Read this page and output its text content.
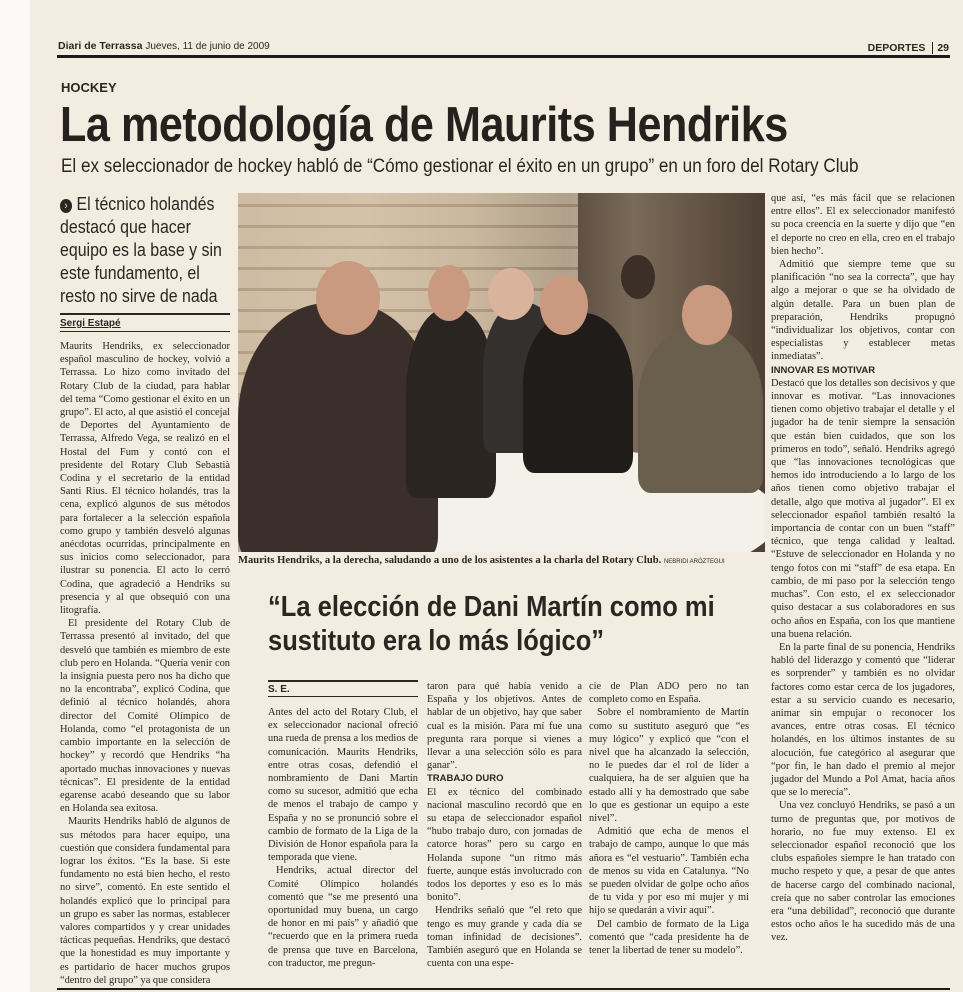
Diari de Terrassa Jueves, 11 de junio de 2009	DEPORTES 29
HOCKEY
La metodología de Maurits Hendriks
El ex seleccionador de hockey habló de “Cómo gestionar el éxito en un grupo” en un foro del Rotary Club
› El técnico holandés destacó que hacer equipo es la base y sin este fundamento, el resto no sirve de nada
Sergi Estapé

Maurits Hendriks, ex seleccionador español masculino de hockey, volvió a Terrassa. Lo hizo como invitado del Rotary Club de la ciudad, para hablar del tema “Como gestionar el éxito en un grupo”. El acto, al que asistió el concejal de Deportes del Ayuntamiento de Terrassa, Alfredo Vega, se realizó en el Hostal del Fum y contó con el presidente del Rotary Club Sebastià Codina y el secretario de la entidad Santi Rius. El técnico holandés, tras la cena, explicó algunos de sus métodos para fortalecer a la selección española como grupo y también desveló algunas anécdotas ocurridas, principalmente en sus inicios como seleccionador, para ilustrar su ponencia. El acto lo cerró Codina, que agradeció a Hendriks su presencia y al que obsequió con una litografía.

El presidente del Rotary Club de Terrassa presentó al invitado, del que desveló que también es miembro de este club pero en Holanda. “Quería venir con la insignia puesta pero nos ha dicho que no la encontraba”, explicó Codina, que definió al técnico holandés, ahora director del Comité Olímpico de Holanda, como “el protagonista de un cambio importante en la selección de hockey” y recordó que Hendriks “ha aportado muchas innovaciones y nuevas técnicas”. El presidente de la entidad egarense acabó deseando que su labor en Holanda sea exitosa.

Maurits Hendriks habló de algunos de sus métodos para hacer equipo, una cuestión que considera fundamental para lograr los éxitos. “Es la base. Si este fundamento no está bien hecho, el resto no sirve”, comentó. En este sentido el holandés explicó que lo principal para un grupo es saber las normas, establecer valores compartidos y y crear unidades tácticas pequeñas. Hendriks, que destacó que la honestidad es muy importante y es partidario de hacer muchos grupos “dentro del grupo” ya que considera

Maurits Hendriks, a la derecha, saludando a uno de los asistentes a la charla del Rotary Club. NEBRIDI ARÓZTEGUI
“La elección de Dani Martín como mi sustituto era lo más lógico”
S. E.

Antes del acto del Rotary Club, el ex seleccionador nacional ofreció una rueda de prensa a los medios de comunicación. Maurits Hendriks, entre otras cosas, defendió el nombramiento de Dani Martín como su sucesor, admitió que echa de menos el trabajo de campo y España y no se pronunció sobre el cambio de formato de la Liga de la División de Honor española para la temporada que viene.

Hendriks, actual director del Comité Olímpico holandés comentó que “se me presentó una oportunidad muy buena, un cargo de honor en mi país” y añadió que “recuerdo que en la primera rueda de prensa que tuve en Barcelona, con traductor, me pregun-

taron para qué había venido a España y los objetivos. Antes de hablar de un objetivo, hay que saber cual es la misión. Para mí fue una pregunta rara porque si vienes a llevar a una selección sólo es para ganar”.

TRABAJO DURO

El ex técnico del combinado nacional masculino recordó que en su etapa de seleccionador español “hubo trabajo duro, con jornadas de catorce horas” pero su cargo en Holanda supone “un ritmo más fuerte, aunque estás involucrado con todos los deportes y eso es lo más bonito”.

Hendriks señaló que “el reto que tengo es muy grande y cada día se toman infinidad de decisiones”. También aseguró que en Holanda se cuenta con una espe-

cie de Plan ADO pero no tan completo como en España.

Sobre el nombramiento de Martín como su sustituto aseguró que “es muy lógico” y explicó que “con el nivel que ha alcanzado la selección, no le puedes dar el rol de líder a cualquiera, ha de ser alguien que ha estado allí y ha demostrado que sabe lo que es gestionar un equipo a este nivel”.

Admitió que echa de menos el trabajo de campo, aunque lo que más añora es “el vestuario”. También echa de menos su vida en Catalunya. “No se pueden olvidar de golpe ocho años de tu vida y por eso mi mujer y mi hijo se quedarán a vivir aquí”.

Del cambio de formato de la Liga comentó que “cada presidente ha de tener la libertad de tener su modelo”.

que así, “es más fácil que se relacionen entre ellos”. El ex seleccionador manifestó su poca creencia en la suerte y dijo que “en el deporte no creo en ella, creo en el trabajo bien hecho”.

Admitió que siempre teme que su planificación “no sea la correcta”, que hay algo a mejorar o que se ha olvidado de algún detalle. Para un buen plan de preparación, Hendriks propugnó “individualizar los objetivos, contar con especialistas y establecer metas inmediatas”.

INNOVAR ES MOTIVAR

Destacó que los detalles son decisivos y que innovar es motivar. “Las innovaciones tienen como objetivo trabajar el detalle y el jugador ha de tenir siempre la sensación que están bien cuidados, que son los primeros en todo”, señaló. Hendriks agregó que “las innovaciones tecnológicas que hemos ido introduciendo a lo largo de los años tienen como objetivo trabajar el detalle, algo que motiva al jugador”. El ex seleccionador español también resaltó la importancia de contar con un buen “staff” técnico, que tenga calidad y lealtad. “Estuve de seleccionador en Holanda y no tengo fotos con mi “staff” de esa etapa. En cambio, de mi paso por la selección tengo muchas”. Con esto, el ex seleccionador quiso destacar a sus colaboradores en sus ocho años en España, con los que mantiene una buena relación.

En la parte final de su ponencia, Hendriks habló del liderazgo y comentó que “liderar es sorprender” y también es no olvidar factores como estar cerca de los jugadores, estar a su servicio cuando es necesario, animar sin empujar o reconocer los avances, entre otras cosas. El técnico holandés, en los últimos instantes de su alocución, fue categórico al asegurar que “por fin, le han dado el premio al mejor jugador del Mundo a Pol Amat, hacía años que se lo merecía”.

Una vez concluyó Hendriks, se pasó a un turno de preguntas que, por motivos de horario, no fue muy extenso. El ex seleccionador español reconoció que los clubs españoles siempre le han tratado con mucho respeto y que, a pesar de que antes de hacerse cargo del combinado nacional, creía que no saber controlar las emociones era “una debilidad”, reconoció que durante estos ocho años le ha sucedido más de una vez.
